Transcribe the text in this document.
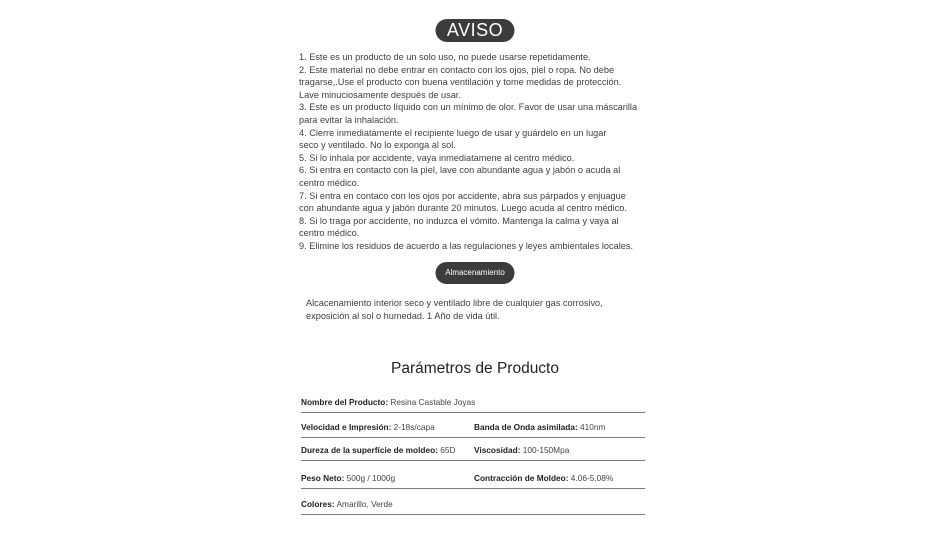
AVISO

1. Este es un producto de un solo uso, no puede usarse repetidamente.

2. Este material no debe entrar en contacto con los ojos, piel o ropa. No debe

tragarse,.Use el producto con buena ventilación y tome medidas de protección.

Lave minuciosamente después de usar.

3. Este es un producto líquido con un mínimo de olor. Favor de usar una máscarilla

para evitar la inhalación.

4. Cierre inmediatamente el recipiente luego de usar y guárdelo en un lugar

seco y ventilado. No lo exponga al sol.

5. Si lo inhala por accidente, vaya inmediatamene al centro médico.

6. Si entra en contacto con la piel, lave con abundante agua y jabón o acuda al

centro médico.

7. Si entra en contaco con los ojos por accidente, abra sus párpados y enjuague

con abundante agua y jabón durante 20 minutos. Luego acuda al centro médico.

8. Si lo traga por accidente, no induzca el vómito. Mantenga la calma y vaya al

centro médico.

9. Elimine los residuos de acuerdo a las regulaciones y leyes ambientales locales.

Almacenamiento
Alcacenamiento interior seco y ventilado libre de cualquier gas corrosivo,
exposición al sol o humedad. 1 Año de vida útil.
Parámetros de Producto
Nombre del Producto: Resina Castable Joyas
Velocidad e Impresión: 2-18s/capa	Banda de Onda asimilada: 410nm
Dureza de la superfície de moldeo: 65D Viscosidad: 100-150Mpa
Peso Neto: 500g / 1000g	Contracción de Moldeo: 4.06-5.08%
Colores: Amarillo, Verde
